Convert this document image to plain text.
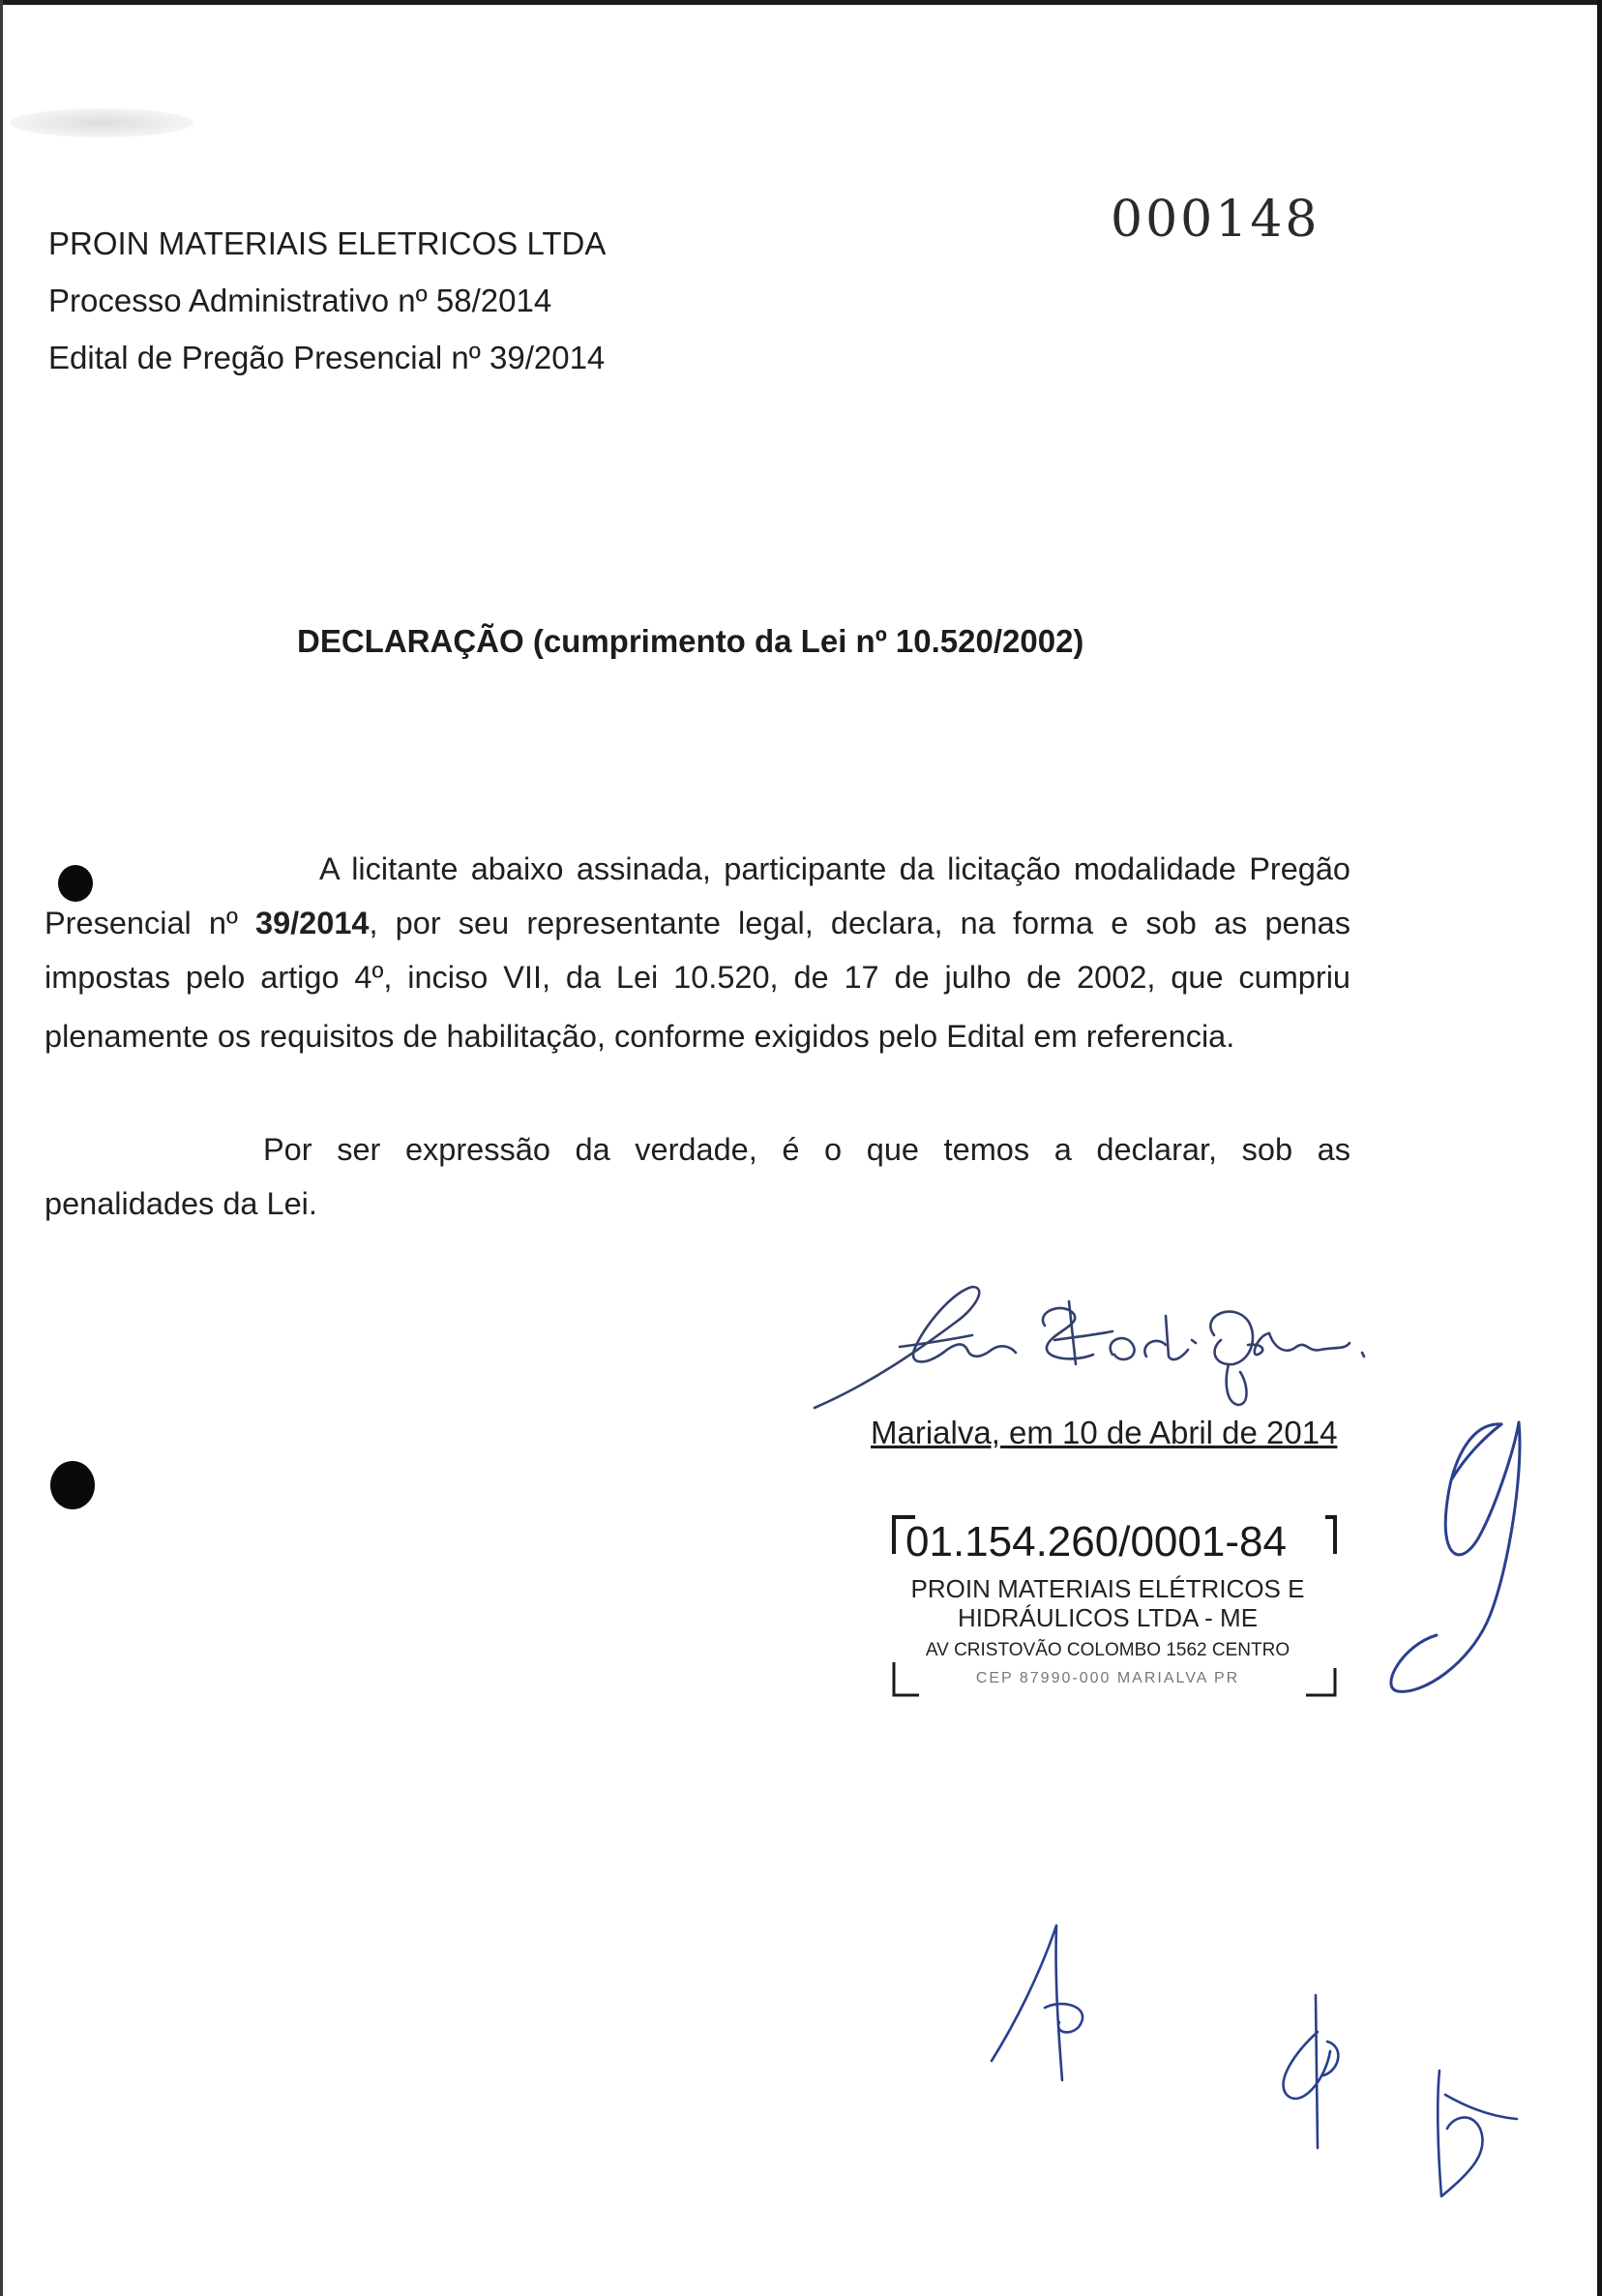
PROIN MATERIAIS ELETRICOS LTDA
Processo Administrativo nº 58/2014
Edital de Pregão Presencial nº 39/2014
000148
DECLARAÇÃO (cumprimento da Lei nº 10.520/2002)
A licitante abaixo assinada, participante da licitação modalidade Pregão
Presencial nº 39/2014, por seu representante legal, declara, na forma e sob as penas
impostas pelo artigo 4º, inciso VII, da Lei 10.520, de 17 de julho de 2002, que cumpriu
plenamente os requisitos de habilitação, conforme exigidos pelo Edital em referencia.
Por ser expressão da verdade, é o que temos a declarar, sob as
penalidades da Lei.
Marialva, em 10 de Abril de 2014
01.154.260/0001-84
PROIN MATERIAIS ELÉTRICOS E
HIDRÁULICOS LTDA - ME
AV CRISTOVÃO COLOMBO 1562 CENTRO
CEP 87990-000 MARIALVA PR
